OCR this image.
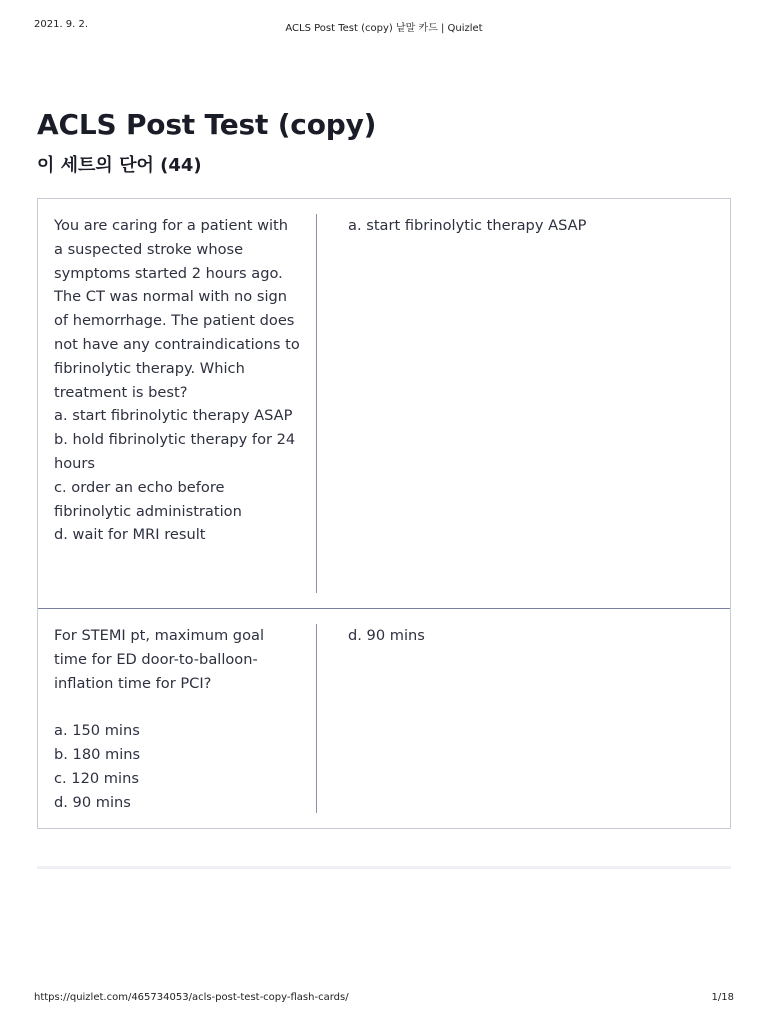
2021. 9. 2.	ACLS Post Test (copy) 낱말 카드 | Quizlet
ACLS Post Test (copy)
이 세트의 단어 (44)
You are caring for a patient with a suspected stroke whose symptoms started 2 hours ago. The CT was normal with no sign of hemorrhage. The patient does not have any contraindications to fibrinolytic therapy. Which treatment is best?
a. start fibrinolytic therapy ASAP
b. hold fibrinolytic therapy for 24 hours
c. order an echo before fibrinolytic administration
d. wait for MRI result
a. start fibrinolytic therapy ASAP
For STEMI pt, maximum goal time for ED door-to-balloon-inflation time for PCI?

a. 150 mins
b. 180 mins
c. 120 mins
d. 90 mins
d. 90 mins
https://quizlet.com/465734053/acls-post-test-copy-flash-cards/	1/18
